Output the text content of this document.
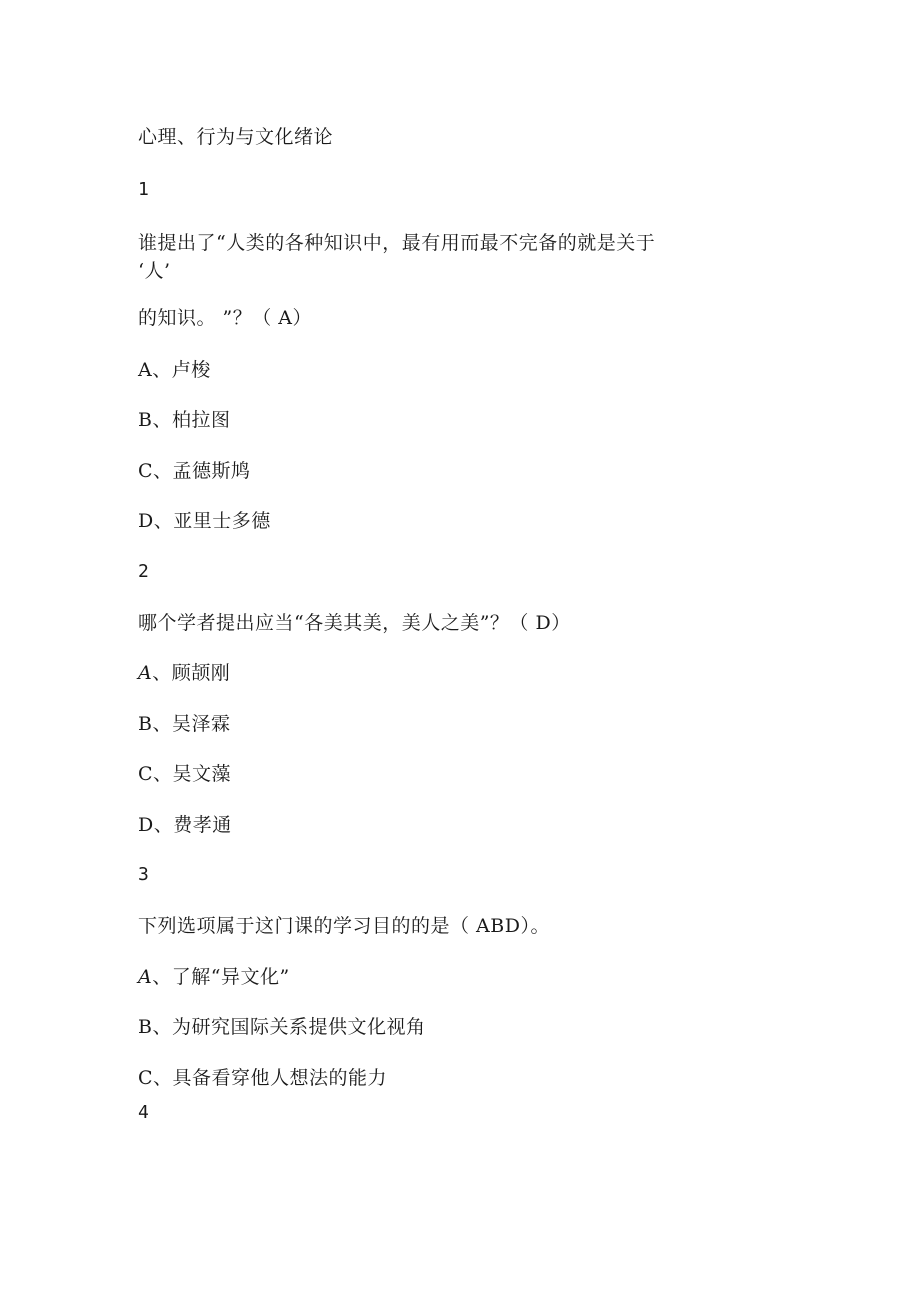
心理、行为与文化绪论
1
谁提出了“人类的各种知识中，最有用而最不完备的就是关于
‘人’
的知识。 ”？（ A）
A、卢梭
B、柏拉图
C、孟德斯鸠
D、亚里士多德
2
哪个学者提出应当“各美其美，美人之美”？（ D）
A、顾颉刚
B、吴泽霖
C、吴文藻
D、费孝通
3
下列选项属于这门课的学习目的的是（ ABD）。
A、了解“异文化”
B、为研究国际关系提供文化视角
C、具备看穿他人想法的能力
4
